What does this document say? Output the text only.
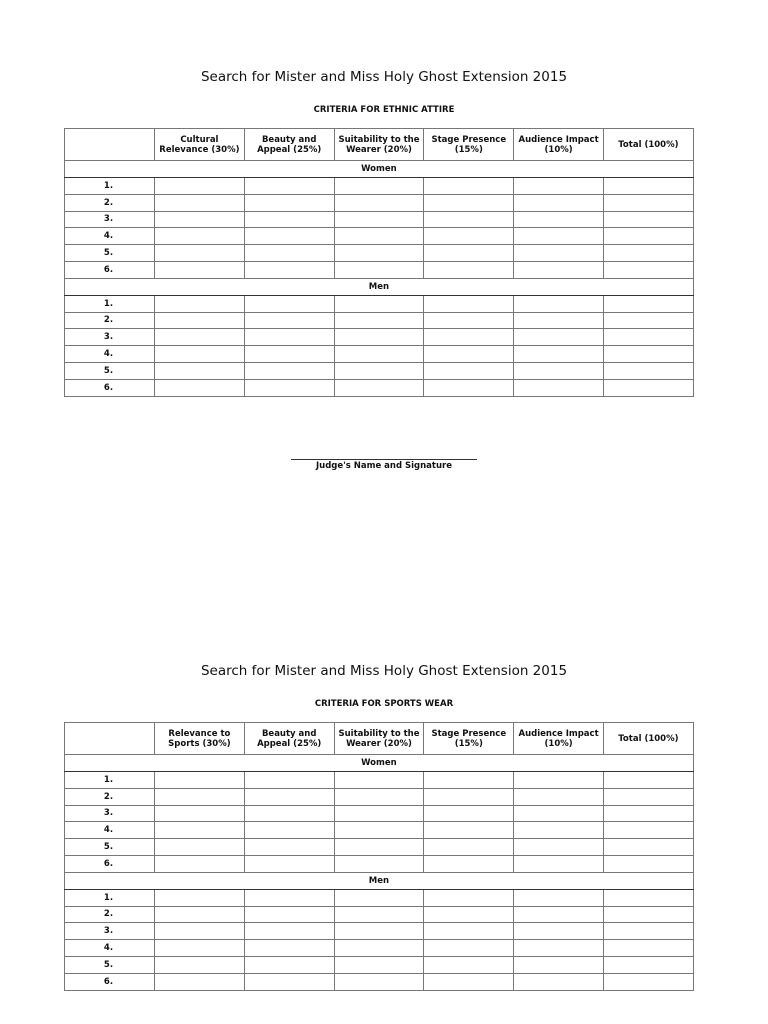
Search for Mister and Miss Holy Ghost Extension 2015
CRITERIA FOR ETHNIC ATTIRE
	Cultural Relevance (30%)	Beauty and Appeal (25%)	Suitability to the Wearer (20%)	Stage Presence (15%)	Audience Impact (10%)	Total (100%)
Women						
1.						
2.						
3.						
4.						
5.						
6.						
Men						
1.						
2.						
3.						
4.						
5.						
6.						
Judge's Name and Signature
Search for Mister and Miss Holy Ghost Extension 2015
CRITERIA FOR SPORTS WEAR
	Relevance to Sports (30%)	Beauty and Appeal (25%)	Suitability to the Wearer (20%)	Stage Presence (15%)	Audience Impact (10%)	Total (100%)
Women						
1.						
2.						
3.						
4.						
5.						
6.						
Men						
1.						
2.						
3.						
4.						
5.						
6.						
